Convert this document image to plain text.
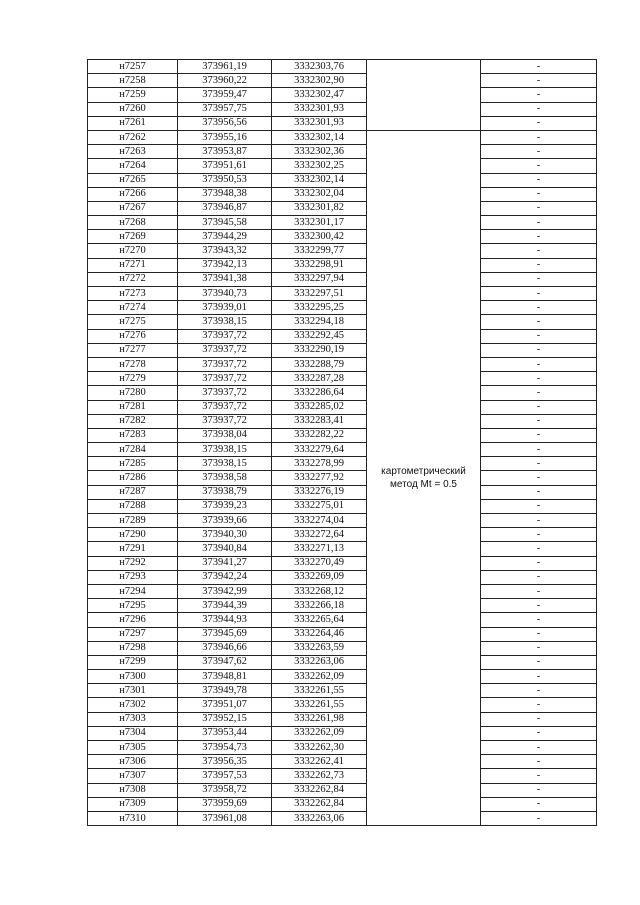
н7257	373961,19	3332303,76		-
н7258	373960,22	3332302,90		-
н7259	373959,47	3332302,47		-
н7260	373957,75	3332301,93		-
н7261	373956,56	3332301,93		-
н7262	373955,16	3332302,14	картометрический метод Mt = 0.5	-
н7263	373953,87	3332302,36		-
н7264	373951,61	3332302,25		-
н7265	373950,53	3332302,14		-
н7266	373948,38	3332302,04		-
н7267	373946,87	3332301,82		-
н7268	373945,58	3332301,17		-
н7269	373944,29	3332300,42		-
н7270	373943,32	3332299,77		-
н7271	373942,13	3332298,91		-
н7272	373941,38	3332297,94		-
н7273	373940,73	3332297,51		-
н7274	373939,01	3332295,25		-
н7275	373938,15	3332294,18		-
н7276	373937,72	3332292,45		-
н7277	373937,72	3332290,19		-
н7278	373937,72	3332288,79		-
н7279	373937,72	3332287,28		-
н7280	373937,72	3332286,64		-
н7281	373937,72	3332285,02		-
н7282	373937,72	3332283,41		-
н7283	373938,04	3332282,22		-
н7284	373938,15	3332279,64		-
н7285	373938,15	3332278,99		-
н7286	373938,58	3332277,92		-
н7287	373938,79	3332276,19		-
н7288	373939,23	3332275,01		-
н7289	373939,66	3332274,04		-
н7290	373940,30	3332272,64		-
н7291	373940,84	3332271,13		-
н7292	373941,27	3332270,49		-
н7293	373942,24	3332269,09		-
н7294	373942,99	3332268,12		-
н7295	373944,39	3332266,18		-
н7296	373944,93	3332265,64		-
н7297	373945,69	3332264,46		-
н7298	373946,66	3332263,59		-
н7299	373947,62	3332263,06		-
н7300	373948,81	3332262,09		-
н7301	373949,78	3332261,55		-
н7302	373951,07	3332261,55		-
н7303	373952,15	3332261,98		-
н7304	373953,44	3332262,09		-
н7305	373954,73	3332262,30		-
н7306	373956,35	3332262,41		-
н7307	373957,53	3332262,73		-
н7308	373958,72	3332262,84		-
н7309	373959,69	3332262,84		-
н7310	373961,08	3332263,06		-
